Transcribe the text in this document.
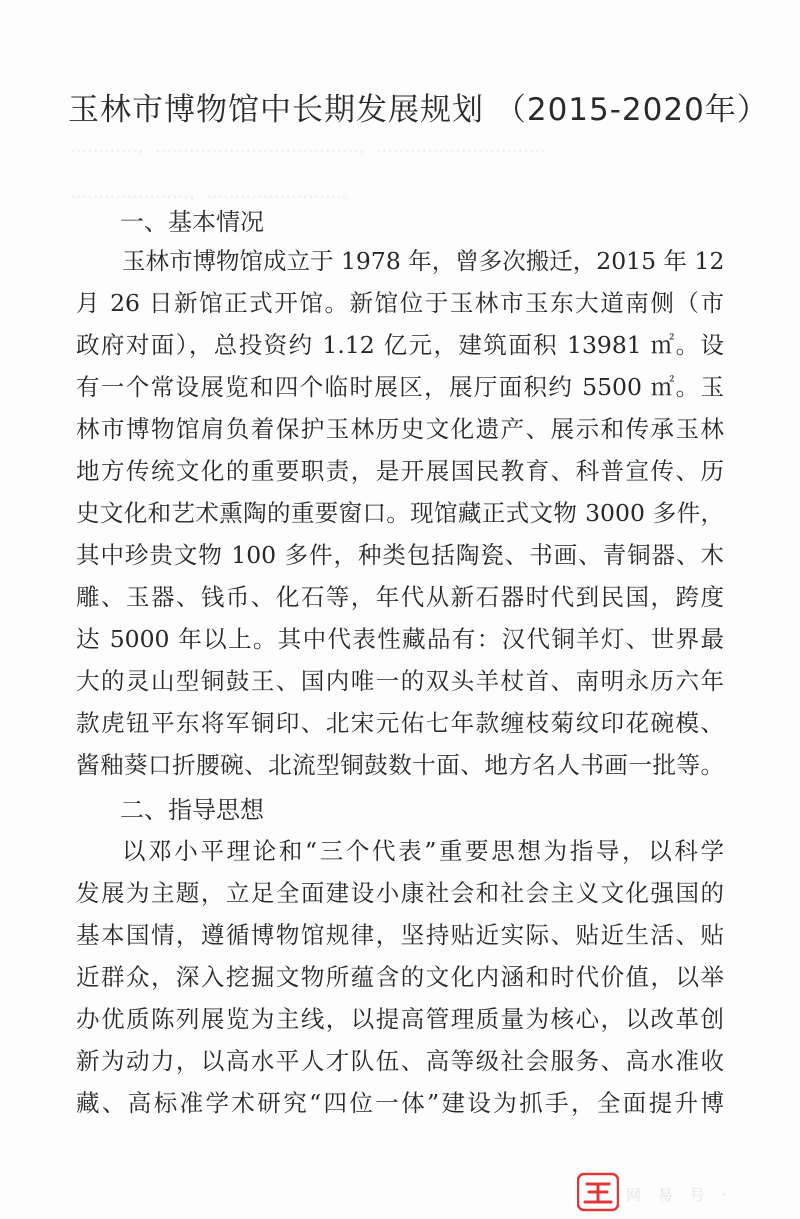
玉林市博物馆中长期发展规划 （2015-2020年）
…………，………………………………，…………………………
…………………，……………………。
一、基本情况
玉林市博物馆成立于 1978 年，曾多次搬迁，2015 年 12
月 26 日新馆正式开馆。新馆位于玉林市玉东大道南侧（市
政府对面），总投资约 1.12 亿元，建筑面积 13981 ㎡。设
有一个常设展览和四个临时展区，展厅面积约 5500 ㎡。玉
林市博物馆肩负着保护玉林历史文化遗产、展示和传承玉林
地方传统文化的重要职责，是开展国民教育、科普宣传、历
史文化和艺术熏陶的重要窗口。现馆藏正式文物 3000 多件，
其中珍贵文物 100 多件，种类包括陶瓷、书画、青铜器、木
雕、玉器、钱币、化石等，年代从新石器时代到民国，跨度
达 5000 年以上。其中代表性藏品有：汉代铜羊灯、世界最
大的灵山型铜鼓王、国内唯一的双头羊杖首、南明永历六年
款虎钮平东将军铜印、北宋元佑七年款缠枝菊纹印花碗模、
酱釉葵口折腰碗、北流型铜鼓数十面、地方名人书画一批等。
二、指导思想
以邓小平理论和“三个代表”重要思想为指导，以科学
发展为主题，立足全面建设小康社会和社会主义文化强国的
基本国情，遵循博物馆规律，坚持贴近实际、贴近生活、贴
近群众，深入挖掘文物所蕴含的文化内涵和时代价值，以举
办优质陈列展览为主线，以提高管理质量为核心，以改革创
新为动力，以高水平人才队伍、高等级社会服务、高水准收
藏、高标准学术研究“四位一体”建设为抓手，全面提升博
网 易 号 ·
